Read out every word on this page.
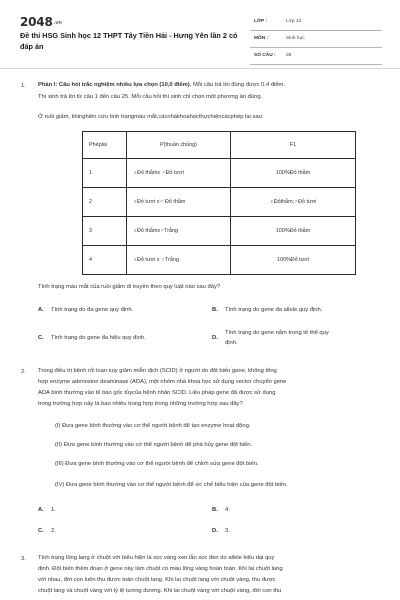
2048.vn
Đề thi HSG Sinh học 12 THPT Tây Tiền Hải - Hưng Yên lần 2 có đáp án
LỚP :	Lớp 12
MÔN :	Sinh học
SỐ CÂU : 38
1. Phần I: Câu hỏi trắc nghiệm nhiều lựa chọn (10,0 điểm). Mỗi câu trả lời đúng được 0,4 điểm.
Thí sinh trả lời từ câu 1 đến câu 25. Mỗi câu hỏi thí sinh chỉ chọn một phương án đúng.
Ở ruồi giấm, khinghiên cứu tính trạngmàu mắt,cácnhàkhoahọcthựchiệncácphép lai sau:
Phéplai	P(thuần chủng)	F1
1	♀Đỏ thẫmx ♂Đỏ tươi	100%Đỏ thẫm
2	♀Đỏ tươi x♂ Đỏ thẫm	♀Đỏthẫm;♂Đỏ tươi
3	♀Đỏ thẫmx♂Trắng	100%Đỏ thẫm
4	♀Đỏ tươi x ♂Trắng	100%Đỏ tươi
Tính trạng màu mắt của ruồi giấm di truyền theo quy luật nào sau đây?
A. Tính trạng do đa gene quy định.	B. Tính trạng do gene đa allele quy định.
C. Tính trạng do gene đa hiệu quy định.	D.
Tính trạng do gene nằm trong tế thể quy
định.
2. Trong điều trị bệnh rối loạn suy giảm miễn dịch (SCID) ở người do đột biến gene, không tổng
hợp enzyme adenosine deaminase (ADA), một nhóm nhà khoa học sử dụng vector chuyển gene
ADA bình thường vào tế bào gốc tủycủa bệnh nhân SCID. Liệu pháp gene đã được sử dụng
trong trường hợp này là bao nhiêu trong hợp trong những trường hợp sau đây?
(I) Đưa gene bình thường vào cơ thể người bệnh để tạo enzyme hoạt động.
(II) Đưa gene bình thường vào cơ thể người bệnh để phá hủy gene đột biến.
(III) Đưa gene bình thường vào cơ thể người bệnh để chỉnh sửa gene đột biến.
(IV) Đưa gene bình thường vào cơ thể người bệnh để ức chế biểu hiện của gene đột biến.
A. 1.	B. 4.
C. 2.	D. 3.
3. Tính trạng lông lang ở chuột với biểu hiện là sọc vàng xen lẫn sọc đen do allele kiểu dại quy
định. Đột biến thêm đoạn ở gene này làm chuột có màu lông vàng hoàn toàn. Khi lai chuột lang
với nhau, đời con luôn thu được toàn chuột lang. Khi lai chuột lang với chuột vàng, thu được
chuột lang và chuột vàng với tỷ lệ tương đương. Khi lai chuột vàng với chuột vàng, đời con thu
